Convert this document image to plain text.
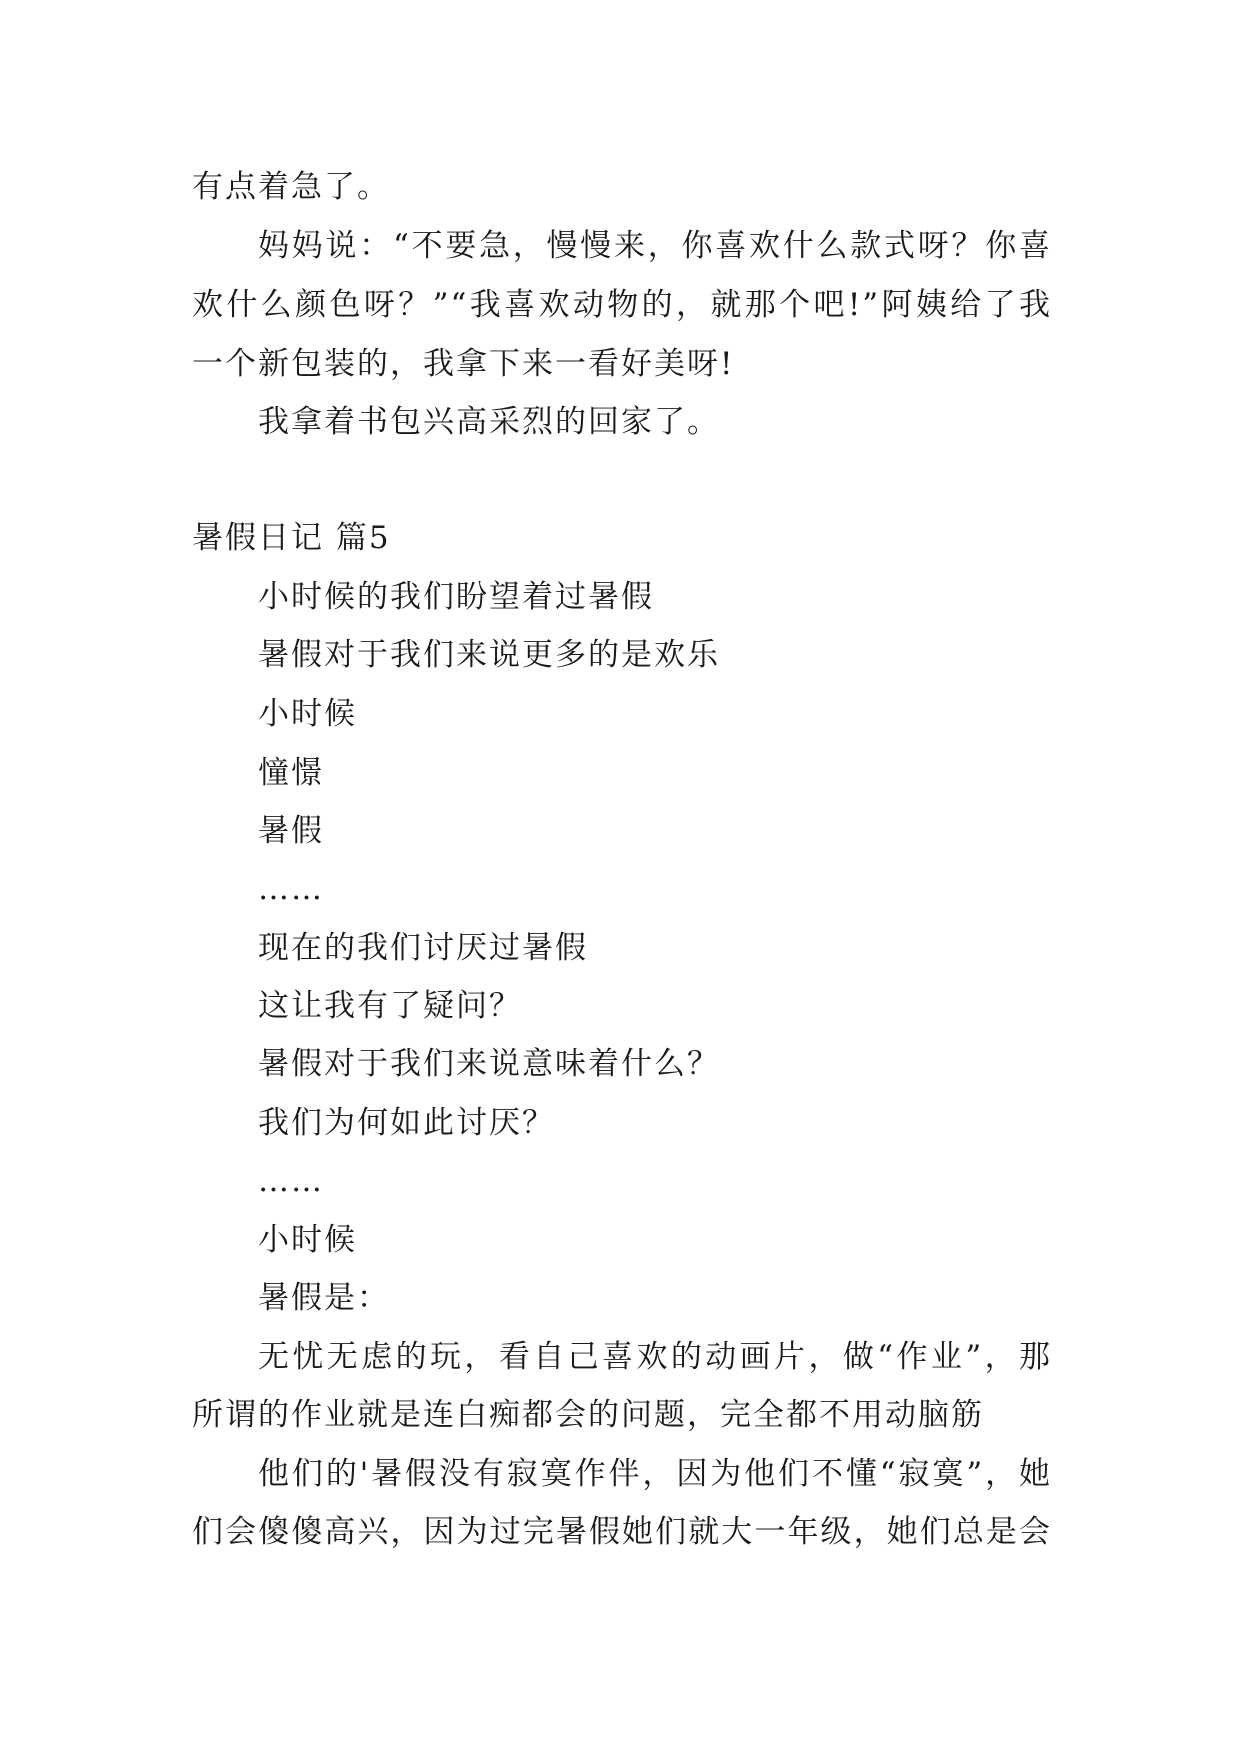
有点着急了。
妈妈说：“不要急，慢慢来，你喜欢什么款式呀？你喜
欢什么颜色呀？”“我喜欢动物的，就那个吧!”阿姨给了我
一个新包装的，我拿下来一看好美呀!
我拿着书包兴高采烈的回家了。
暑假日记 篇5
小时候的我们盼望着过暑假
暑假对于我们来说更多的是欢乐
小时候
憧憬
暑假
……
现在的我们讨厌过暑假
这让我有了疑问？
暑假对于我们来说意味着什么？
我们为何如此讨厌？
……
小时候
暑假是：
无忧无虑的玩，看自己喜欢的动画片，做“作业”，那
所谓的作业就是连白痴都会的问题，完全都不用动脑筋
他们的'暑假没有寂寞作伴，因为他们不懂“寂寞”，她
们会傻傻高兴，因为过完暑假她们就大一年级，她们总是会
